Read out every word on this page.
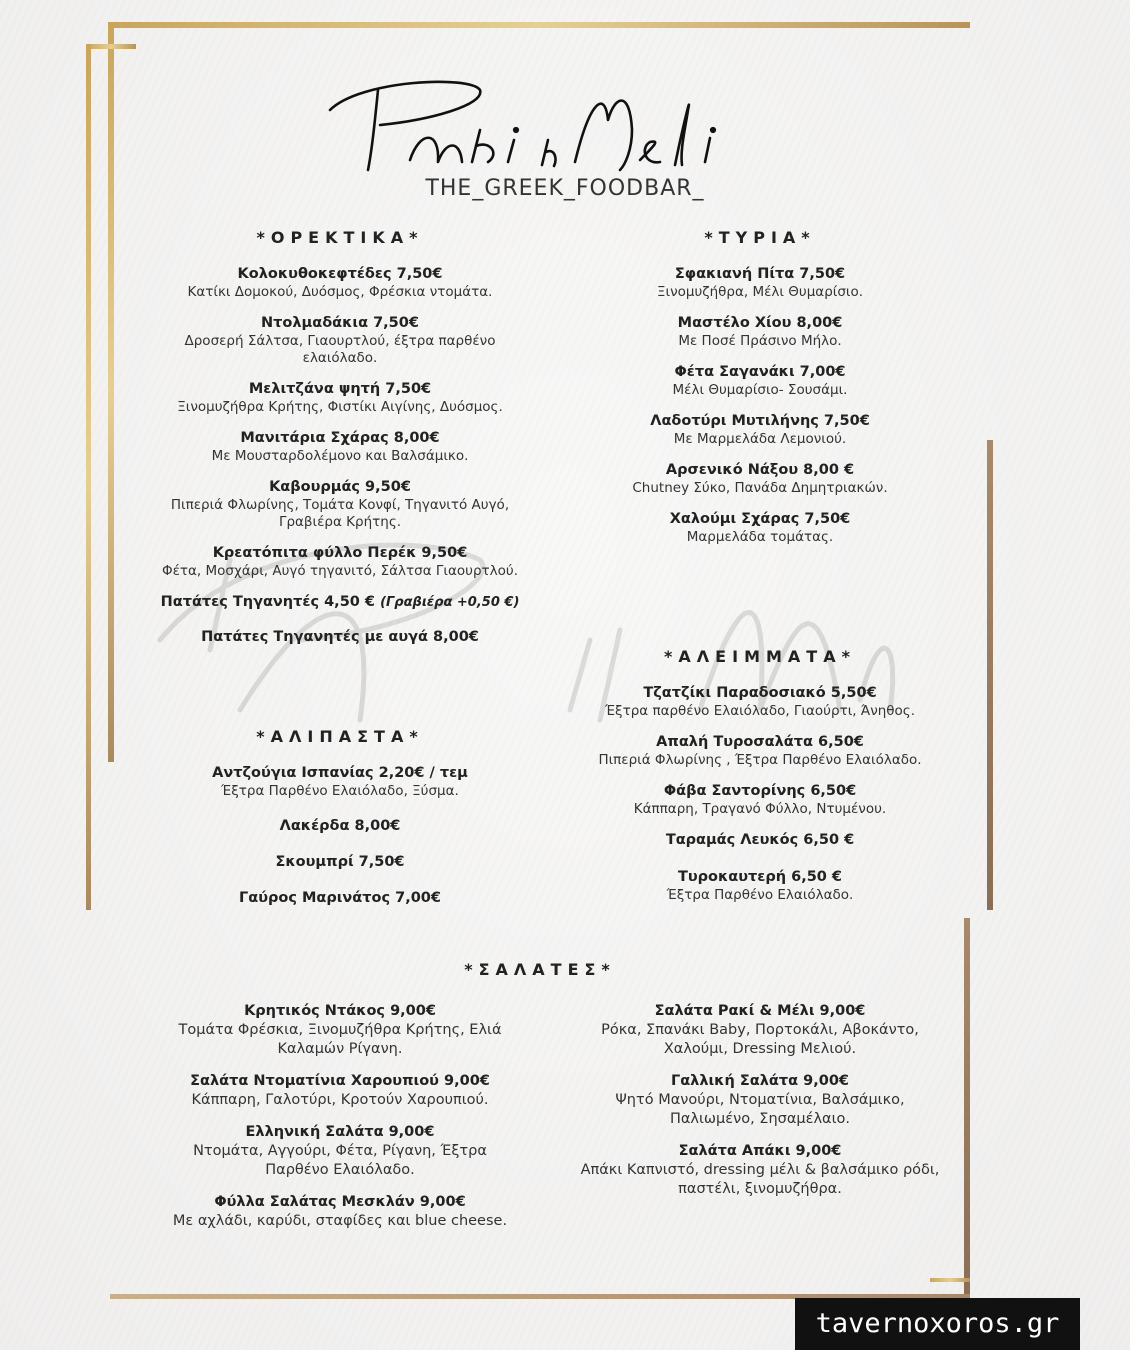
Raki ki Meli
THE_GREEK_FOODBAR_
*ΟΡΕΚΤΙΚΑ*
Κολοκυθοκεφτέδες 7,50€
Κατίκι Δομοκού, Δυόσμος, Φρέσκια ντομάτα.
Ντολμαδάκια 7,50€
Δροσερή Σάλτσα, Γιαουρτλού, έξτρα παρθένο ελαιόλαδο.
Μελιτζάνα ψητή 7,50€
Ξινομυζήθρα Κρήτης, Φιστίκι Αιγίνης, Δυόσμος.
Μανιτάρια Σχάρας 8,00€
Με Μουσταρδολέμονο και Βαλσάμικο.
Καβουρμάς 9,50€
Πιπεριά Φλωρίνης, Τομάτα Κονφί, Τηγανιτό Αυγό, Γραβιέρα Κρήτης.
Κρεατόπιτα φύλλο Περέκ 9,50€
Φέτα, Μοσχάρι, Αυγό τηγανιτό, Σάλτσα Γιαουρτλού.
Πατάτες Τηγανητές 4,50 € (Γραβιέρα +0,50 €)
Πατάτες Τηγανητές με αυγά 8,00€
*ΤΥΡΙΑ*
Σφακιανή Πίτα 7,50€
Ξινομυζήθρα, Μέλι Θυμαρίσιο.
Μαστέλο Χίου 8,00€
Με Ποσέ Πράσινο Μήλο.
Φέτα Σαγανάκι 7,00€
Μέλι Θυμαρίσιο- Σουσάμι.
Λαδοτύρι Μυτιλήνης 7,50€
Με Μαρμελάδα Λεμονιού.
Αρσενικό Νάξου 8,00 €
Chutney Σύκο, Πανάδα Δημητριακών.
Χαλούμι Σχάρας 7,50€
Μαρμελάδα τομάτας.
*ΑΛΙΠΑΣΤΑ*
Αντζούγια Ισπανίας 2,20€ / τεμ
Έξτρα Παρθένο Ελαιόλαδο, Ξύσμα.
Λακέρδα 8,00€
Σκουμπρί 7,50€
Γαύρος Μαρινάτος 7,00€
*ΑΛΕΙΜΜΑΤΑ*
Τζατζίκι Παραδοσιακό 5,50€
Έξτρα παρθένο Ελαιόλαδο, Γιαούρτι, Άνηθος.
Απαλή Τυροσαλάτα 6,50€
Πιπεριά Φλωρίνης , Έξτρα Παρθένο Ελαιόλαδο.
Φάβα Σαντορίνης 6,50€
Κάππαρη, Τραγανό Φύλλο, Ντυμένου.
Ταραμάς Λευκός 6,50 €
Τυροκαυτερή 6,50 €
Έξτρα Παρθένο Ελαιόλαδο.
*ΣΑΛΑΤΕΣ*
Κρητικός Ντάκος 9,00€
Τομάτα Φρέσκια, Ξινομυζήθρα Κρήτης, Ελιά Καλαμών Ρίγανη.
Σαλάτα Ντοματίνια Χαρουπιού 9,00€
Κάππαρη, Γαλοτύρι, Κροτούν Χαρουπιού.
Ελληνική Σαλάτα 9,00€
Ντομάτα, Αγγούρι, Φέτα, Ρίγανη, Έξτρα Παρθένο Ελαιόλαδο.
Φύλλα Σαλάτας Μεσκλάν 9,00€
Με αχλάδι, καρύδι, σταφίδες και blue cheese.
Σαλάτα Ρακί & Μέλι 9,00€
Ρόκα, Σπανάκι Baby, Πορτοκάλι, Αβοκάντο, Χαλούμι, Dressing Μελιού.
Γαλλική Σαλάτα 9,00€
Ψητό Μανούρι, Ντοματίνια, Βαλσάμικο, Παλιωμένο, Σησαμέλαιο.
Σαλάτα Απάκι 9,00€
Απάκι Καπνιστό, dressing μέλι & βαλσάμικο ρόδι, παστέλι, ξινομυζήθρα.
tavernoxoros.gr
